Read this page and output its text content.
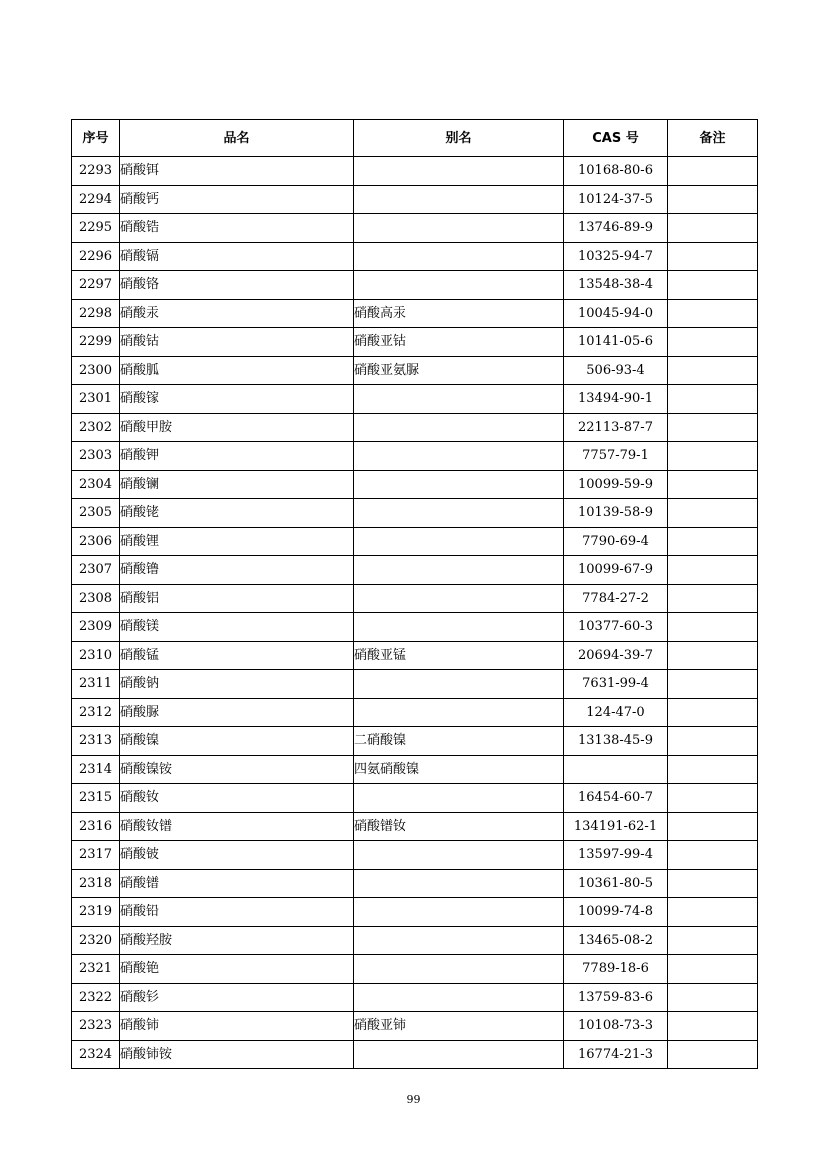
序号	品名	别名	CAS 号	备注
2293	硝酸铒		10168-80-6	
2294	硝酸钙		10124-37-5	
2295	硝酸锆		13746-89-9	
2296	硝酸镉		10325-94-7	
2297	硝酸铬		13548-38-4	
2298	硝酸汞	硝酸高汞	10045-94-0	
2299	硝酸钴	硝酸亚钴	10141-05-6	
2300	硝酸胍	硝酸亚氨脲	506-93-4	
2301	硝酸镓		13494-90-1	
2302	硝酸甲胺		22113-87-7	
2303	硝酸钾		7757-79-1	
2304	硝酸镧		10099-59-9	
2305	硝酸铑		10139-58-9	
2306	硝酸锂		7790-69-4	
2307	硝酸镥		10099-67-9	
2308	硝酸铝		7784-27-2	
2309	硝酸镁		10377-60-3	
2310	硝酸锰	硝酸亚锰	20694-39-7	
2311	硝酸钠		7631-99-4	
2312	硝酸脲		124-47-0	
2313	硝酸镍	二硝酸镍	13138-45-9	
2314	硝酸镍铵	四氨硝酸镍		
2315	硝酸钕		16454-60-7	
2316	硝酸钕镨	硝酸镨钕	134191-62-1	
2317	硝酸铍		13597-99-4	
2318	硝酸镨		10361-80-5	
2319	硝酸铅		10099-74-8	
2320	硝酸羟胺		13465-08-2	
2321	硝酸铯		7789-18-6	
2322	硝酸钐		13759-83-6	
2323	硝酸铈	硝酸亚铈	10108-73-3	
2324	硝酸铈铵		16774-21-3	
99
